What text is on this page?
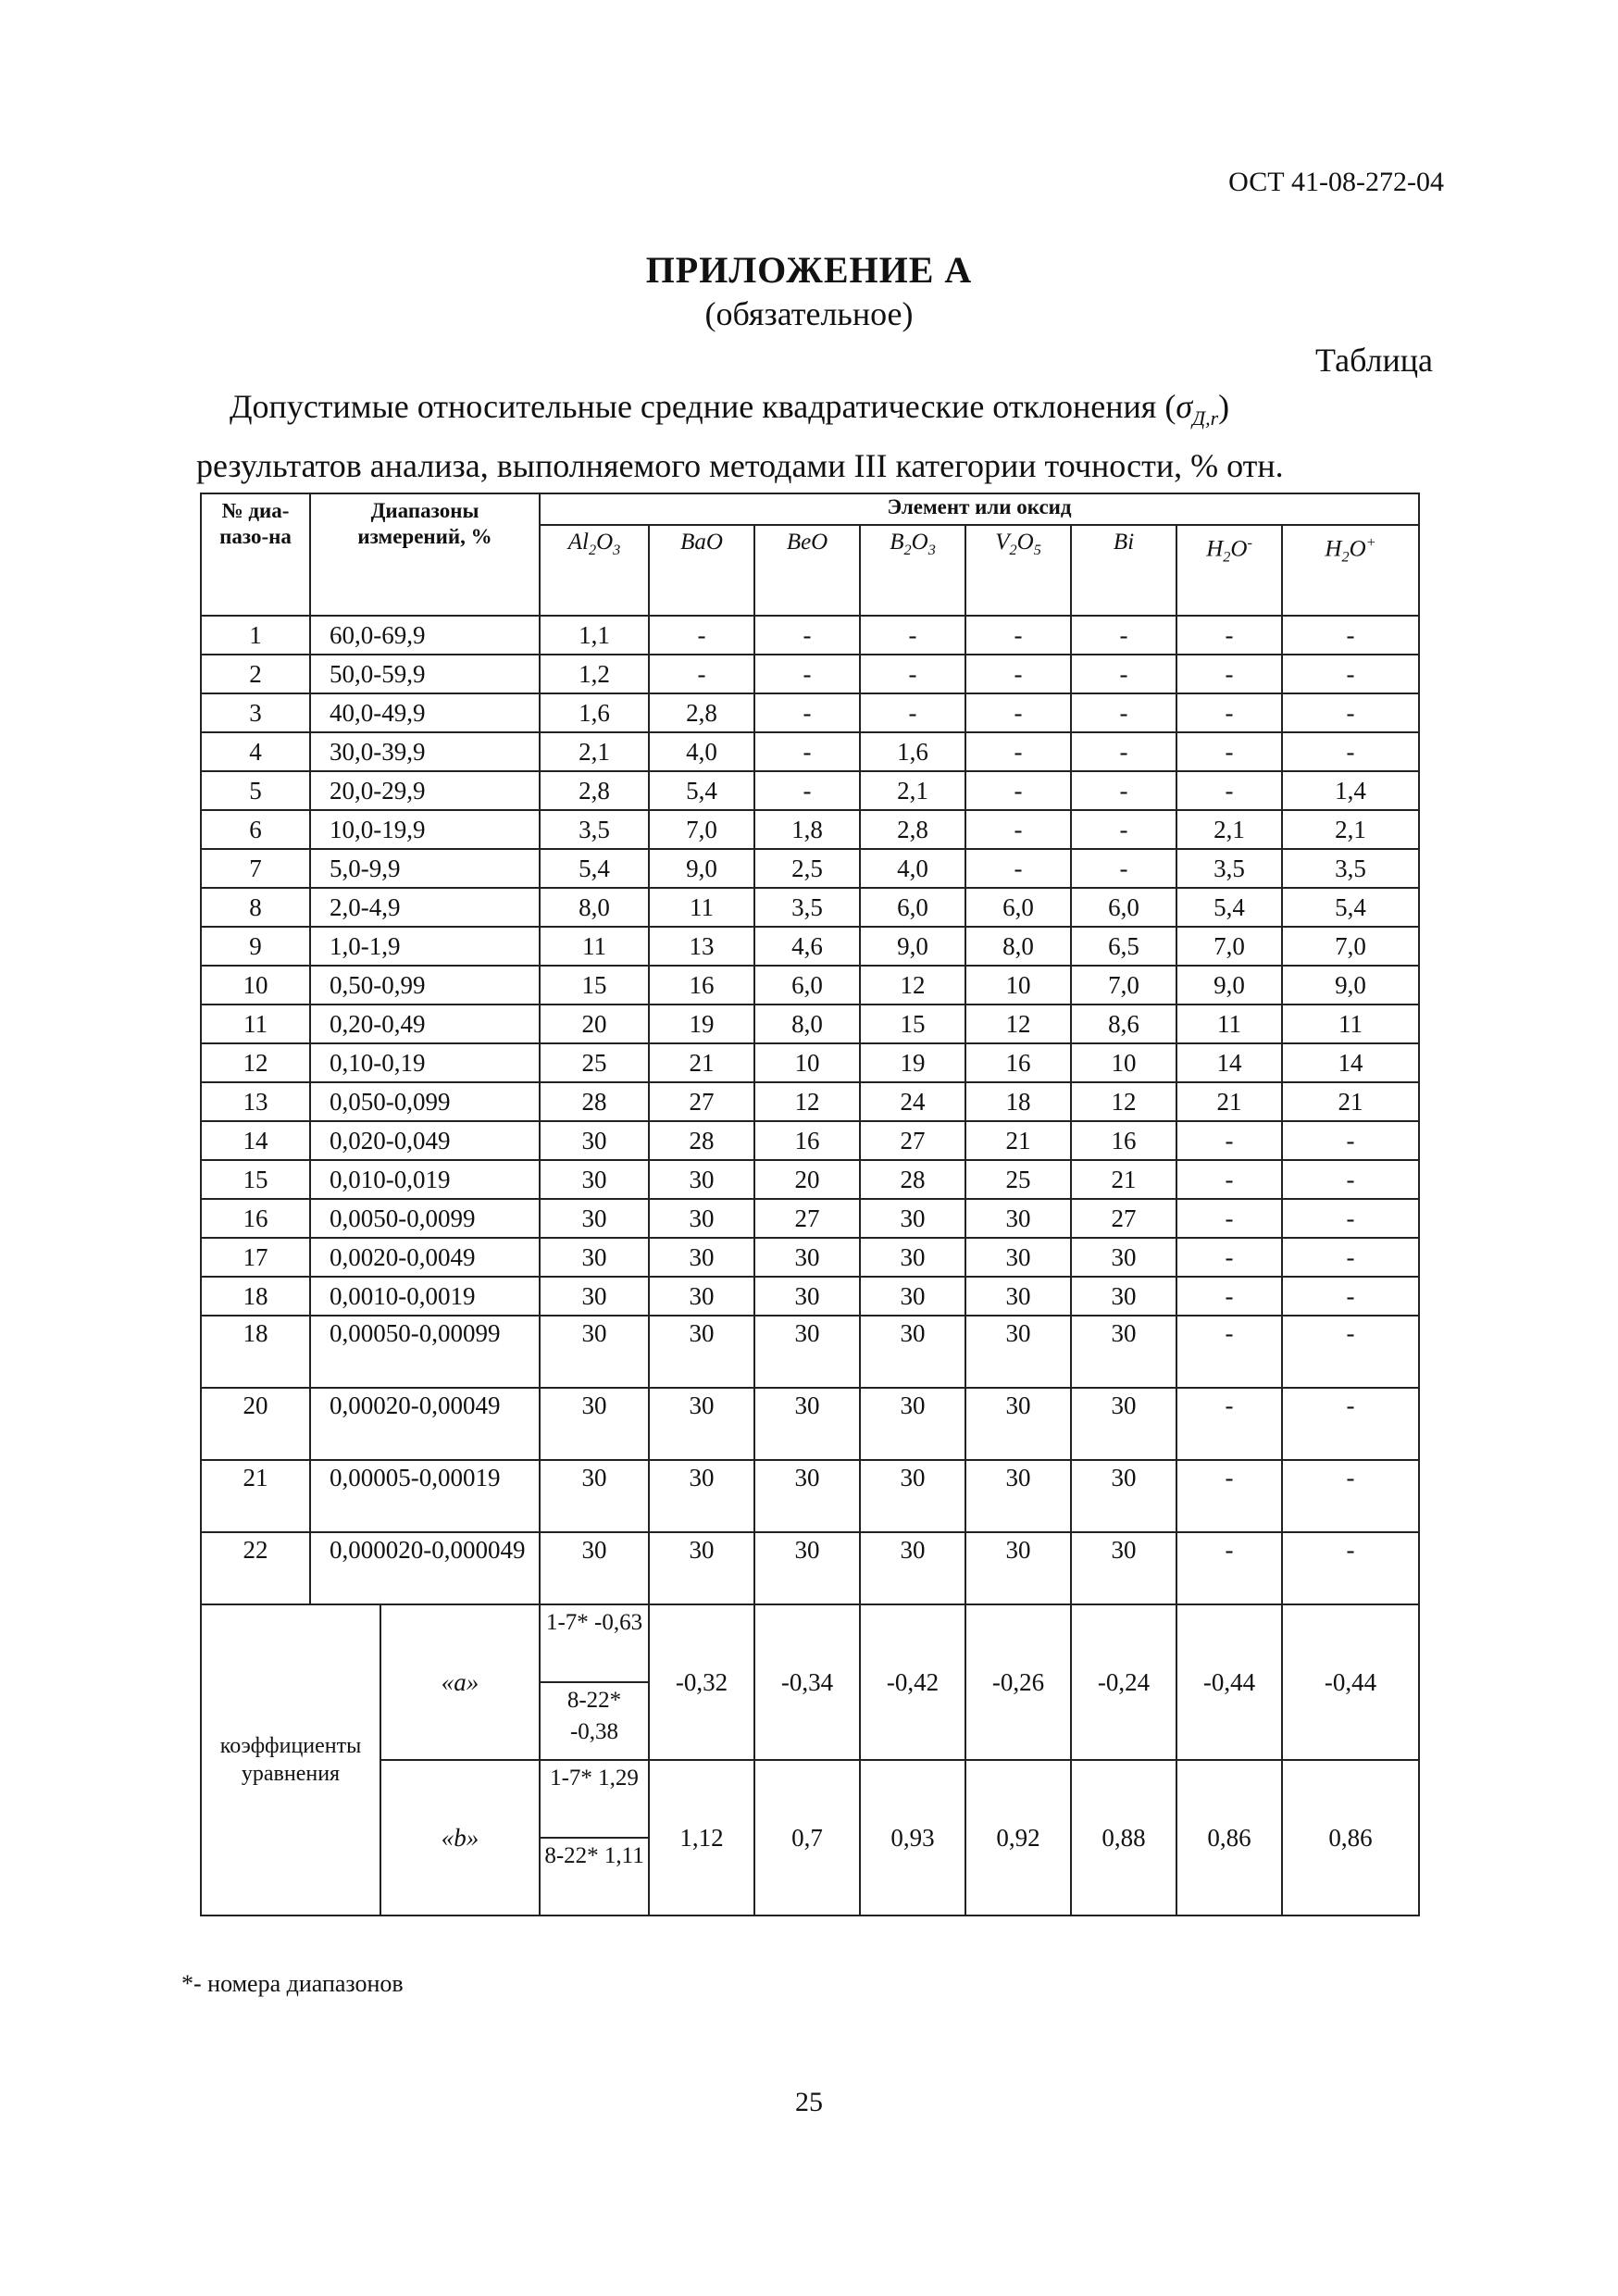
ОСТ 41-08-272-04
ПРИЛОЖЕНИЕ А
(обязательное)
Таблица
Допустимые относительные средние квадратические отклонения $(\sigma_{Д,r})$
результатов анализа, выполняемого методами III категории точности, % отн.
№ диа-пазо-на	Диапазоны измерений, %		Элемент или оксид							
			$Al_2O_3$	BaO	BeO	$B_2O_3$	$V_2O_5$	Bi	$H_2O^-$	$H_2O^+$
1	60,0-69,9		1,1	-	-	-	-	-	-	-
2	50,0-59,9		1,2	-	-	-	-	-	-	-
3	40,0-49,9		1,6	2,8	-	-	-	-	-	-
4	30,0-39,9		2,1	4,0	-	1,6	-	-	-	-
5	20,0-29,9		2,8	5,4	-	2,1	-	-	-	1,4
6	10,0-19,9		3,5	7,0	1,8	2,8	-	-	2,1	2,1
7	5,0-9,9		5,4	9,0	2,5	4,0	-	-	3,5	3,5
8	2,0-4,9		8,0	11	3,5	6,0	6,0	6,0	5,4	5,4
9	1,0-1,9		11	13	4,6	9,0	8,0	6,5	7,0	7,0
10	0,50-0,99		15	16	6,0	12	10	7,0	9,0	9,0
11	0,20-0,49		20	19	8,0	15	12	8,6	11	11
12	0,10-0,19		25	21	10	19	16	10	14	14
13	0,050-0,099		28	27	12	24	18	12	21	21
14	0,020-0,049		30	28	16	27	21	16	-	-
15	0,010-0,019		30	30	20	28	25	21	-	-
16	0,0050-0,0099		30	30	27	30	30	27	-	-
17	0,0020-0,0049		30	30	30	30	30	30	-	-
18	0,0010-0,0019		30	30	30	30	30	30	-	-
18	0,00050-0,00099		30	30	30	30	30	30	-	-
20	0,00020-0,00049		30	30	30	30	30	30	-	-
21	0,00005-0,00019		30	30	30	30	30	30	-	-
22	0,000020-0,000049		30	30	30	30	30	30	-	-
коэффициенты уравнения		«a»	1-7* -0,63	-0,32	-0,34	-0,42	-0,26	-0,24	-0,44	-0,44
			8-22* -0,38							
		«b»	1-7* 1,29	1,12	0,7	0,93	0,92	0,88	0,86	0,86
			8-22* 1,11							
*- номера диапазонов
25
